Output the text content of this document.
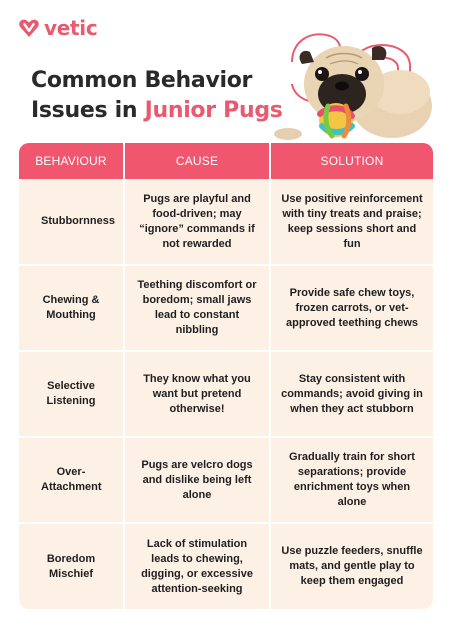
vetic
Common Behavior
Issues in Junior Pugs
BEHAVIOUR	CAUSE	SOLUTION
Stubbornness	Pugs are playful and food-driven; may “ignore” commands if not rewarded	Use positive reinforcement with tiny treats and praise; keep sessions short and fun
Chewing & Mouthing	Teething discomfort or boredom; small jaws lead to constant nibbling	Provide safe chew toys, frozen carrots, or vet-approved teething chews
Selective Listening	They know what you want but pretend otherwise!	Stay consistent with commands; avoid giving in when they act stubborn
Over-Attachment	Pugs are velcro dogs and dislike being left alone	Gradually train for short separations; provide enrichment toys when alone
Boredom Mischief	Lack of stimulation leads to chewing, digging, or excessive attention-seeking	Use puzzle feeders, snuffle mats, and gentle play to keep them engaged
